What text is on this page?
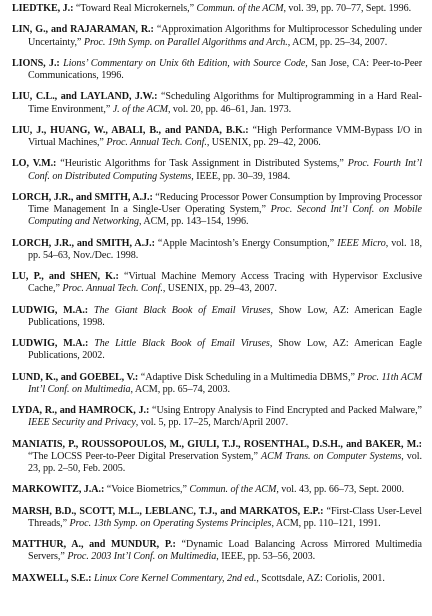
LIEDTKE, J.: “Toward Real Microkernels,” Commun. of the ACM, vol. 39, pp. 70–77, Sept. 1996.
LIN, G., and RAJARAMAN, R.: “Approximation Algorithms for Multiprocessor Scheduling under Uncertainty,” Proc. 19th Symp. on Parallel Algorithms and Arch., ACM, pp. 25–34, 2007.
LIONS, J.: Lions’ Commentary on Unix 6th Edition, with Source Code, San Jose, CA: Peer-to-Peer Communications, 1996.
LIU, C.L., and LAYLAND, J.W.: “Scheduling Algorithms for Multiprogramming in a Hard Real-Time Environment,” J. of the ACM, vol. 20, pp. 46–61, Jan. 1973.
LIU, J., HUANG, W., ABALI, B., and PANDA, B.K.: “High Performance VMM-Bypass I/O in Virtual Machines,” Proc. Annual Tech. Conf., USENIX, pp. 29–42, 2006.
LO, V.M.: “Heuristic Algorithms for Task Assignment in Distributed Systems,” Proc. Fourth Int’l Conf. on Distributed Computing Systems, IEEE, pp. 30–39, 1984.
LORCH, J.R., and SMITH, A.J.: “Reducing Processor Power Consumption by Improving Processor Time Management In a Single-User Operating System,” Proc. Second Int’l Conf. on Mobile Computing and Networking, ACM, pp. 143–154, 1996.
LORCH, J.R., and SMITH, A.J.: “Apple Macintosh’s Energy Consumption,” IEEE Micro, vol. 18, pp. 54–63, Nov./Dec. 1998.
LU, P., and SHEN, K.: “Virtual Machine Memory Access Tracing with Hypervisor Exclusive Cache,” Proc. Annual Tech. Conf., USENIX, pp. 29–43, 2007.
LUDWIG, M.A.: The Giant Black Book of Email Viruses, Show Low, AZ: American Eagle Publications, 1998.
LUDWIG, M.A.: The Little Black Book of Email Viruses, Show Low, AZ: American Eagle Publications, 2002.
LUND, K., and GOEBEL, V.: “Adaptive Disk Scheduling in a Multimedia DBMS,” Proc. 11th ACM Int’l Conf. on Multimedia, ACM, pp. 65–74, 2003.
LYDA, R., and HAMROCK, J.: “Using Entropy Analysis to Find Encrypted and Packed Malware,” IEEE Security and Privacy, vol. 5, pp. 17–25, March/April 2007.
MANIATIS, P., ROUSSOPOULOS, M., GIULI, T.J., ROSENTHAL, D.S.H., and BAKER, M.: “The LOCSS Peer-to-Peer Digital Preservation System,” ACM Trans. on Computer Systems, vol. 23, pp. 2–50, Feb. 2005.
MARKOWITZ, J.A.: “Voice Biometrics,” Commun. of the ACM, vol. 43, pp. 66–73, Sept. 2000.
MARSH, B.D., SCOTT, M.L., LEBLANC, T.J., and MARKATOS, E.P.: “First-Class User-Level Threads,” Proc. 13th Symp. on Operating Systems Principles, ACM, pp. 110–121, 1991.
MATTHUR, A., and MUNDUR, P.: “Dynamic Load Balancing Across Mirrored Multimedia Servers,” Proc. 2003 Int’l Conf. on Multimedia, IEEE, pp. 53–56, 2003.
MAXWELL, S.E.: Linux Core Kernel Commentary, 2nd ed., Scottsdale, AZ: Coriolis, 2001.
